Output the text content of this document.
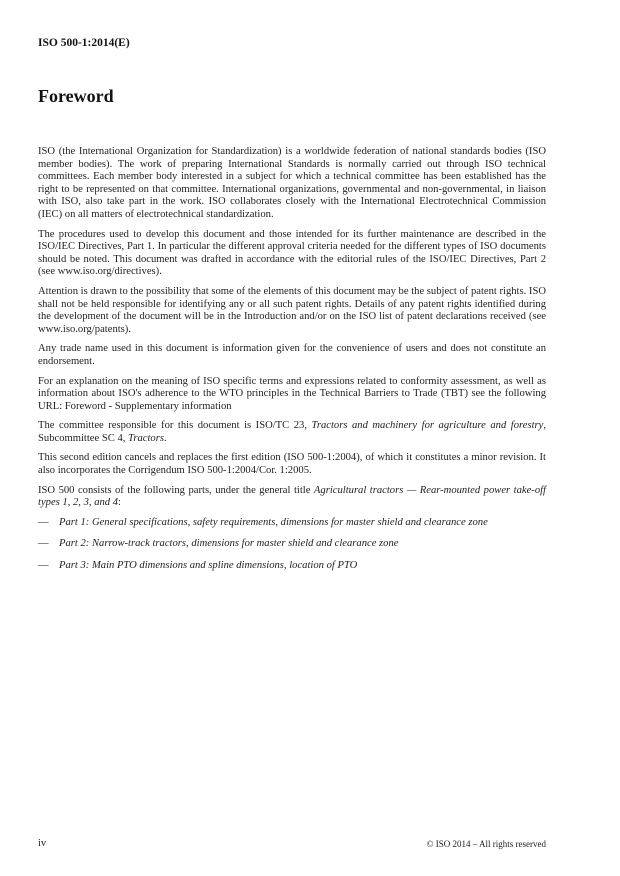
ISO 500-1:2014(E)
Foreword
ISO (the International Organization for Standardization) is a worldwide federation of national standards bodies (ISO member bodies). The work of preparing International Standards is normally carried out through ISO technical committees. Each member body interested in a subject for which a technical committee has been established has the right to be represented on that committee. International organizations, governmental and non-governmental, in liaison with ISO, also take part in the work. ISO collaborates closely with the International Electrotechnical Commission (IEC) on all matters of electrotechnical standardization.
The procedures used to develop this document and those intended for its further maintenance are described in the ISO/IEC Directives, Part 1. In particular the different approval criteria needed for the different types of ISO documents should be noted. This document was drafted in accordance with the editorial rules of the ISO/IEC Directives, Part 2 (see www.iso.org/directives).
Attention is drawn to the possibility that some of the elements of this document may be the subject of patent rights. ISO shall not be held responsible for identifying any or all such patent rights. Details of any patent rights identified during the development of the document will be in the Introduction and/or on the ISO list of patent declarations received (see www.iso.org/patents).
Any trade name used in this document is information given for the convenience of users and does not constitute an endorsement.
For an explanation on the meaning of ISO specific terms and expressions related to conformity assessment, as well as information about ISO's adherence to the WTO principles in the Technical Barriers to Trade (TBT) see the following URL: Foreword - Supplementary information
The committee responsible for this document is ISO/TC 23, Tractors and machinery for agriculture and forestry, Subcommittee SC 4, Tractors.
This second edition cancels and replaces the first edition (ISO 500-1:2004), of which it constitutes a minor revision. It also incorporates the Corrigendum ISO 500-1:2004/Cor. 1:2005.
ISO 500 consists of the following parts, under the general title Agricultural tractors — Rear-mounted power take-off types 1, 2, 3, and 4:
— Part 1: General specifications, safety requirements, dimensions for master shield and clearance zone
— Part 2: Narrow-track tractors, dimensions for master shield and clearance zone
— Part 3: Main PTO dimensions and spline dimensions, location of PTO
iv	© ISO 2014 – All rights reserved
